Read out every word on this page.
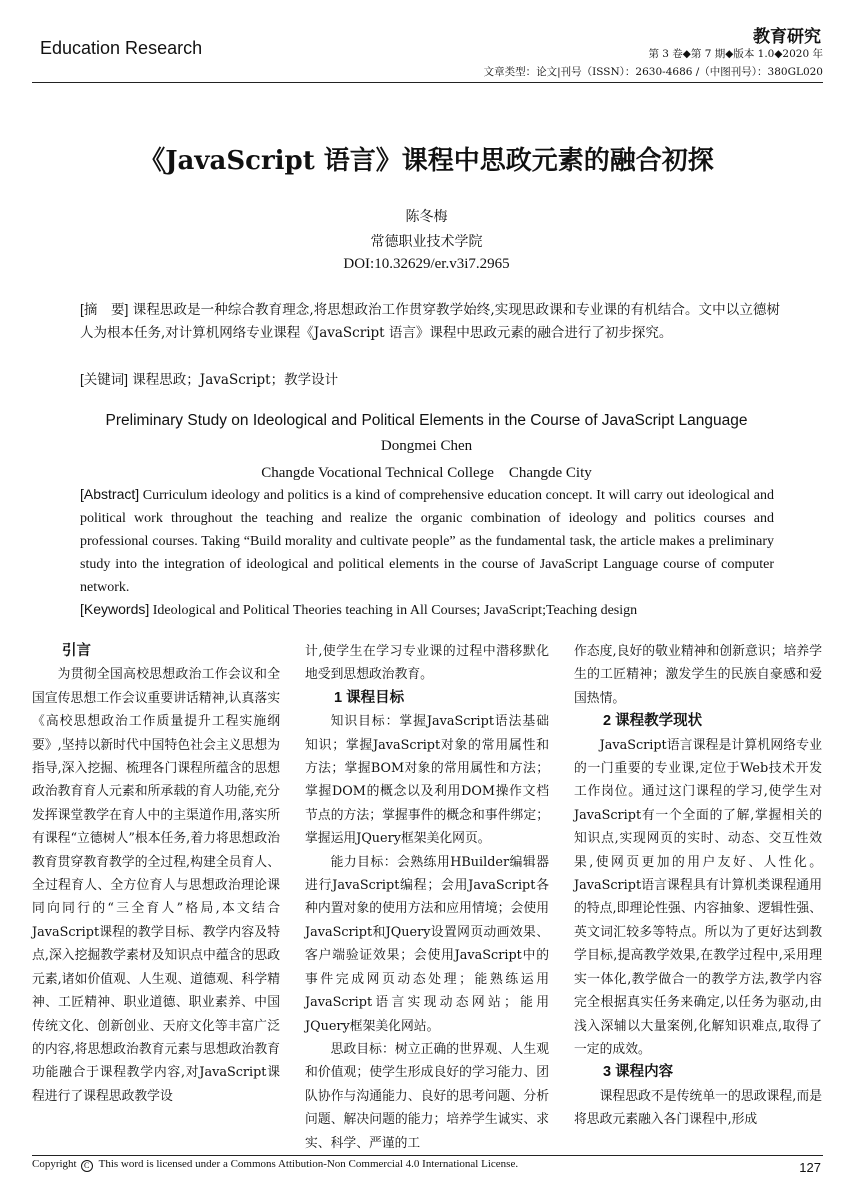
Education Research
教育研究
第 3 卷◆第 7 期◆版本 1.0◆2020 年
文章类型：论文|刊号（ISSN）：2630-4686 /（中图刊号）：380GL020
《JavaScript 语言》课程中思政元素的融合初探
陈冬梅
常德职业技术学院
DOI:10.32629/er.v3i7.2965
[摘　要] 课程思政是一种综合教育理念,将思想政治工作贯穿教学始终,实现思政课和专业课的有机结合。文中以立德树人为根本任务,对计算机网络专业课程《JavaScript 语言》课程中思政元素的融合进行了初步探究。
[关键词] 课程思政；JavaScript；教学设计
Preliminary Study on Ideological and Political Elements in the Course of JavaScript Language
Dongmei Chen
Changde Vocational Technical College　Changde City
[Abstract] Curriculum ideology and politics is a kind of comprehensive education concept. It will carry out ideological and political work throughout the teaching and realize the organic combination of ideology and politics courses and professional courses. Taking “Build morality and cultivate people” as the fundamental task, the article makes a preliminary study into the integration of ideological and political elements in the course of JavaScript Language course of computer network.
[Keywords] Ideological and Political Theories teaching in All Courses; JavaScript;Teaching design
引言

为贯彻全国高校思想政治工作会议和全国宣传思想工作会议重要讲话精神,认真落实《高校思想政治工作质量提升工程实施纲要》,坚持以新时代中国特色社会主义思想为指导,深入挖掘、梳理各门课程所蕴含的思想政治教育育人元素和所承载的育人功能,充分发挥课堂教学在育人中的主渠道作用,落实所有课程“立德树人”根本任务,着力将思想政治教育贯穿教育教学的全过程,构建全员育人、全过程育人、全方位育人与思想政治理论课同向同行的“三全育人”格局,本文结合JavaScript课程的教学目标、教学内容及特点,深入挖掘教学素材及知识点中蕴含的思政元素,诸如价值观、人生观、道德观、科学精神、工匠精神、职业道德、职业素养、中国传统文化、创新创业、天府文化等丰富广泛的内容,将思想政治教育元素与思想政治教育功能融合于课程教学内容,对JavaScript课程进行了课程思政教学设

计,使学生在学习专业课的过程中潜移默化地受到思想政治教育。

1 课程目标

知识目标：掌握JavaScript语法基础知识；掌握JavaScript对象的常用属性和方法；掌握BOM对象的常用属性和方法；掌握DOM的概念以及利用DOM操作文档节点的方法；掌握事件的概念和事件绑定；掌握运用JQuery框架美化网页。

能力目标：会熟练用HBuilder编辑器进行JavaScript编程；会用JavaScript各种内置对象的使用方法和应用情境；会使用JavaScript和JQuery设置网页动画效果、客户端验证效果；会使用JavaScript中的事件完成网页动态处理；能熟练运用JavaScript语言实现动态网站；能用JQuery框架美化网站。

思政目标：树立正确的世界观、人生观和价值观；使学生形成良好的学习能力、团队协作与沟通能力、良好的思考问题、分析问题、解决问题的能力；培养学生诚实、求实、科学、严谨的工

作态度,良好的敬业精神和创新意识；培养学生的工匠精神；激发学生的民族自豪感和爱国热情。

2 课程教学现状

JavaScript语言课程是计算机网络专业的一门重要的专业课,定位于Web技术开发工作岗位。通过这门课程的学习,使学生对JavaScript有一个全面的了解,掌握相关的知识点,实现网页的实时、动态、交互性效果,使网页更加的用户友好、人性化。JavaScript语言课程具有计算机类课程通用的特点,即理论性强、内容抽象、逻辑性强、英文词汇较多等特点。所以为了更好达到教学目标,提高教学效果,在教学过程中,采用理实一体化,教学做合一的教学方法,教学内容完全根据真实任务来确定,以任务为驱动,由浅入深辅以大量案例,化解知识难点,取得了一定的成效。

3 课程内容

课程思政不是传统单一的思政课程,而是将思政元素融入各门课程中,形成

Copyright C This word is licensed under a Commons Attibution-Non Commercial 4.0 International License.	127
